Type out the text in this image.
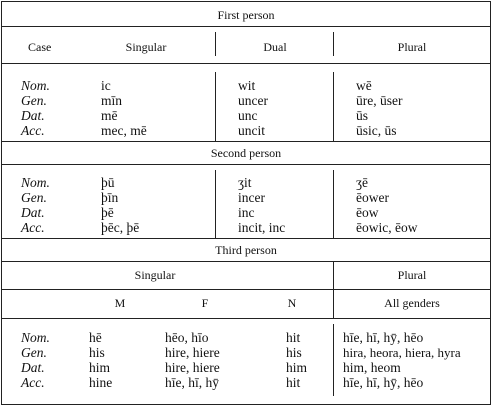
First person
Second person
Third person
Case	Singular	Dual	Plural
Nom.	ic	wit	wē
Gen.	mīn	uncer	ūre, ūser
Dat.	mē	unc	ūs
Acc.	mec, mē	uncit	ūsic, ūs
Nom.	þū	ʒit	ʒē
Gen.	þīn	incer	ēower
Dat.	þē	inc	ēow
Acc.	þēc, þē	incit, inc	ēowic, ēow
Singular	Plural
M	F	N	All genders
Nom.	hē	hēo, hīo	hit	hīe, hī, hȳ, hēo
Gen.	his	hire, hiere	his	hira, heora, hiera, hyra
Dat.	him	hire, hiere	him	him, heom
Acc.	hine	hīe, hī, hȳ	hit	hīe, hī, hȳ, hēo
